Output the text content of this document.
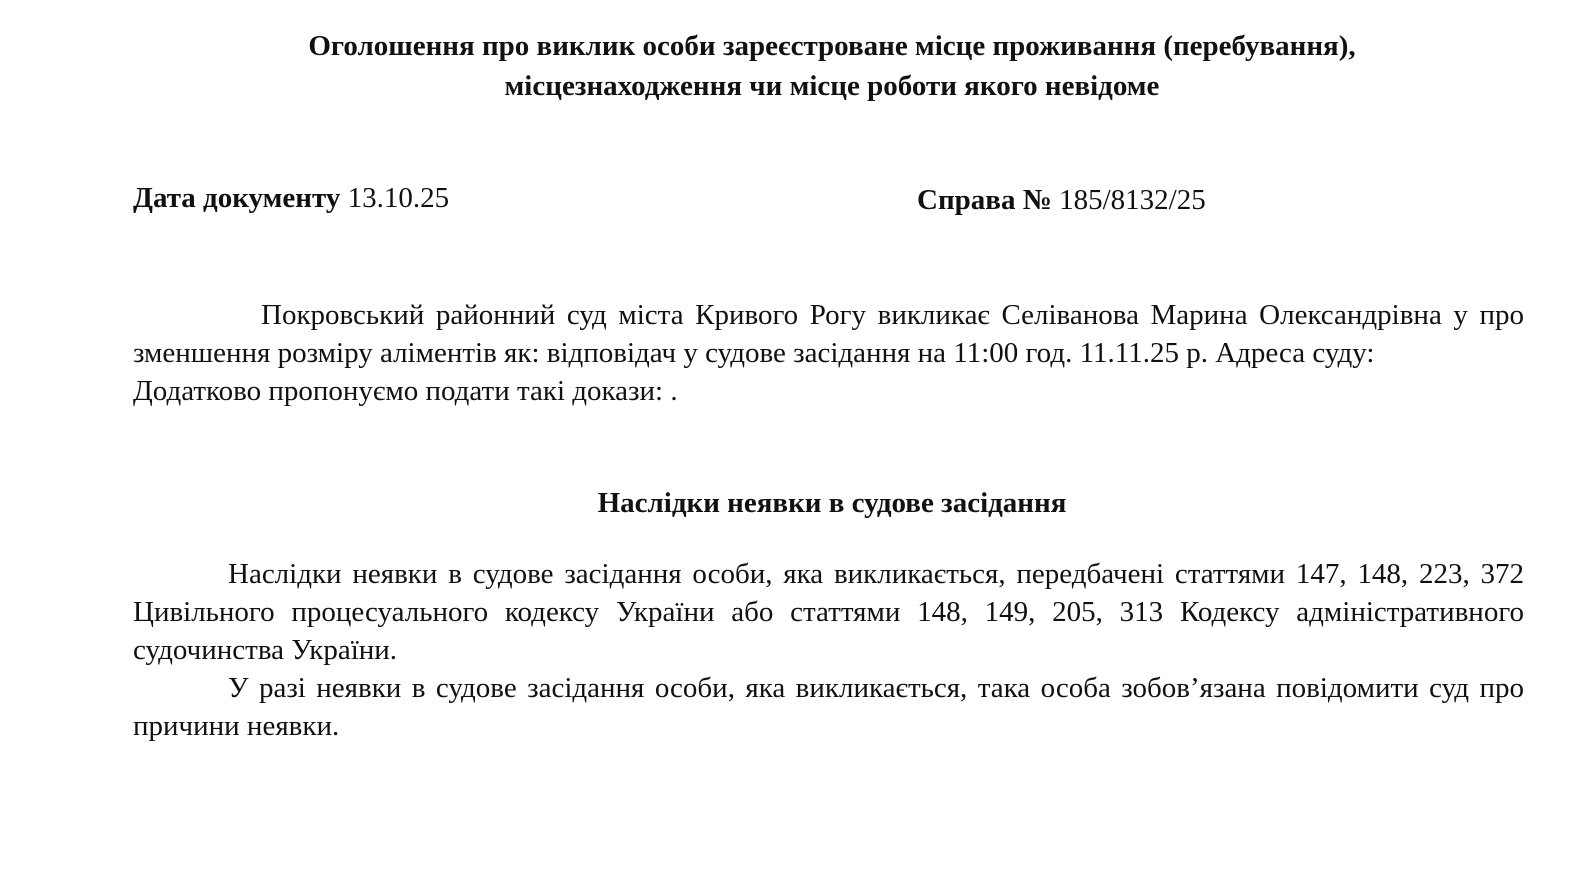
Оголошення про виклик особи зареєстроване місце проживання (перебування),
місцезнаходження чи місце роботи якого невідоме
Дата документу 13.10.25	Справа № 185/8132/25
Покровський районний суд міста Кривого Рогу викликає Селіванова Марина Олександрівна у про зменшення розміру аліментів як: відповідач у судове засідання на 11:00 год. 11.11.25 р. Адреса суду:
Додатково пропонуємо подати такі докази: .
Наслідки неявки в судове засідання

Наслідки неявки в судове засідання особи, яка викликається, передбачені статтями 147, 148, 223, 372 Цивільного процесуального кодексу України або статтями 148, 149, 205, 313 Кодексу адміністративного судочинства України.

У разі неявки в судове засідання особи, яка викликається, така особа зобов’язана повідомити суд про причини неявки.
